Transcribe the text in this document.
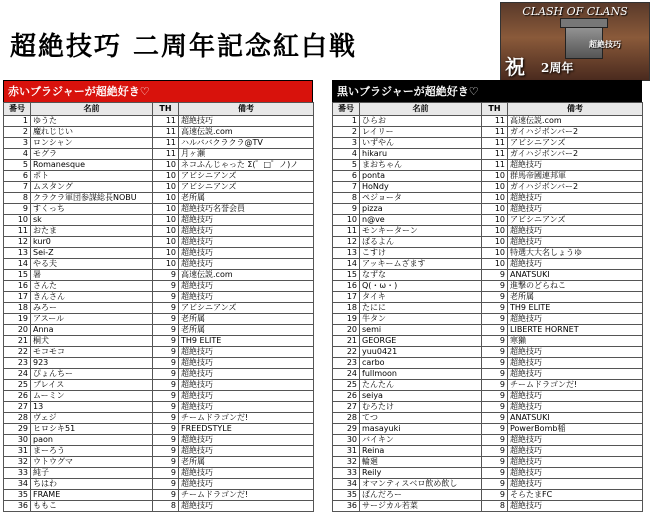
超絶技巧 二周年記念紅白戦
CLASH OF CLANS
超絶技巧
祝 2周年
赤いブラジャーが超絶好き♡
番号	名前	TH	備考
1	ゆうた	11	超絶技巧
2	魔れじじい	11	高速伝説.com
3	ロンシャン	11	ハルババクラクラ@TV
4	モグラ	11	月ヶ瀬
5	Romanesque	10	ネコふんじゃった Σ(゜□゜ノ)ノ
6	ポト	10	アビシニアンズ
7	ムスタング	10	アビシニアンズ
8	クラクラ軍団参謀総長NOBU	10	老所属
9	すくっち	10	超絶技巧名誉会員
10	sk	10	超絶技巧
11	おたま	10	超絶技巧
12	kur0	10	超絶技巧
13	Sei-Z	10	超絶技巧
14	やる夫	10	超絶技巧
15	暑	9	高速伝説.com
16	さんた	9	超絶技巧
17	きんさん	9	超絶技巧
18	みろー	9	アビシニアンズ
19	アスール	9	老所属
20	Anna	9	老所属
21	桐犬	9	TH9 ELITE
22	モコモコ	9	超絶技巧
23	923	9	超絶技巧
24	ぴょんちー	9	超絶技巧
25	ブレイス	9	超絶技巧
26	ムーミン	9	超絶技巧
27	13	9	超絶技巧
28	ヴェジ	9	チームドラゴンだ!
29	ヒロシキ51	9	FREEDSTYLE
30	paon	9	超絶技巧
31	まーろう	9	超絶技巧
32	ウトウグマ	9	老所属
33	純子	9	超絶技巧
34	ちはわ	9	超絶技巧
35	FRAME	9	チームドラゴンだ!
36	ももこ	8	超絶技巧
黒いブラジャーが超絶好き♡
番号	名前	TH	備考
1	ひらお	11	高速伝説.com
2	レイリー	11	ガイハジボンバー2
3	いずやん	11	アビシニアンズ
4	hikaru	11	ガイハジボンバー2
5	まおちゃん	11	超絶技巧
6	ponta	10	群馬帝國連邦軍
7	HoNdy	10	ガイハジボンバー2
8	ペジョータ	10	超絶技巧
9	pizza	10	超絶技巧
10	n@ve	10	アビシニアンズ
11	モンキーターン	10	超絶技巧
12	ぱるよん	10	超絶技巧
13	こすけ	10	特選大大名しょうゆ
14	アッキームざます	10	超絶技巧
15	なずな	9	ANATSUKI
16	Q(・ω・)	9	進撃のどらねこ
17	タイキ	9	老所属
18	たにに	9	TH9 ELITE
19	牛タン	9	超絶技巧
20	semi	9	LIBERTE HORNET
21	GEORGE	9	寒獺
22	yuu0421	9	超絶技巧
23	carbo	9	超絶技巧
24	fullmoon	9	超絶技巧
25	たんたん	9	チームドラゴンだ!
26	seiya	9	超絶技巧
27	むろたけ	9	超絶技巧
28	てつ	9	ANATSUKI
29	masayuki	9	PowerBomb稲
30	バイキン	9	超絶技巧
31	Reina	9	超絶技巧
32	輪廻	9	超絶技巧
33	Reily	9	超絶技巧
34	オマンティスベロ飲め飲し	9	超絶技巧
35	ぱんだろー	9	そらたまFC
36	サージカル若菜	8	超絶技巧
